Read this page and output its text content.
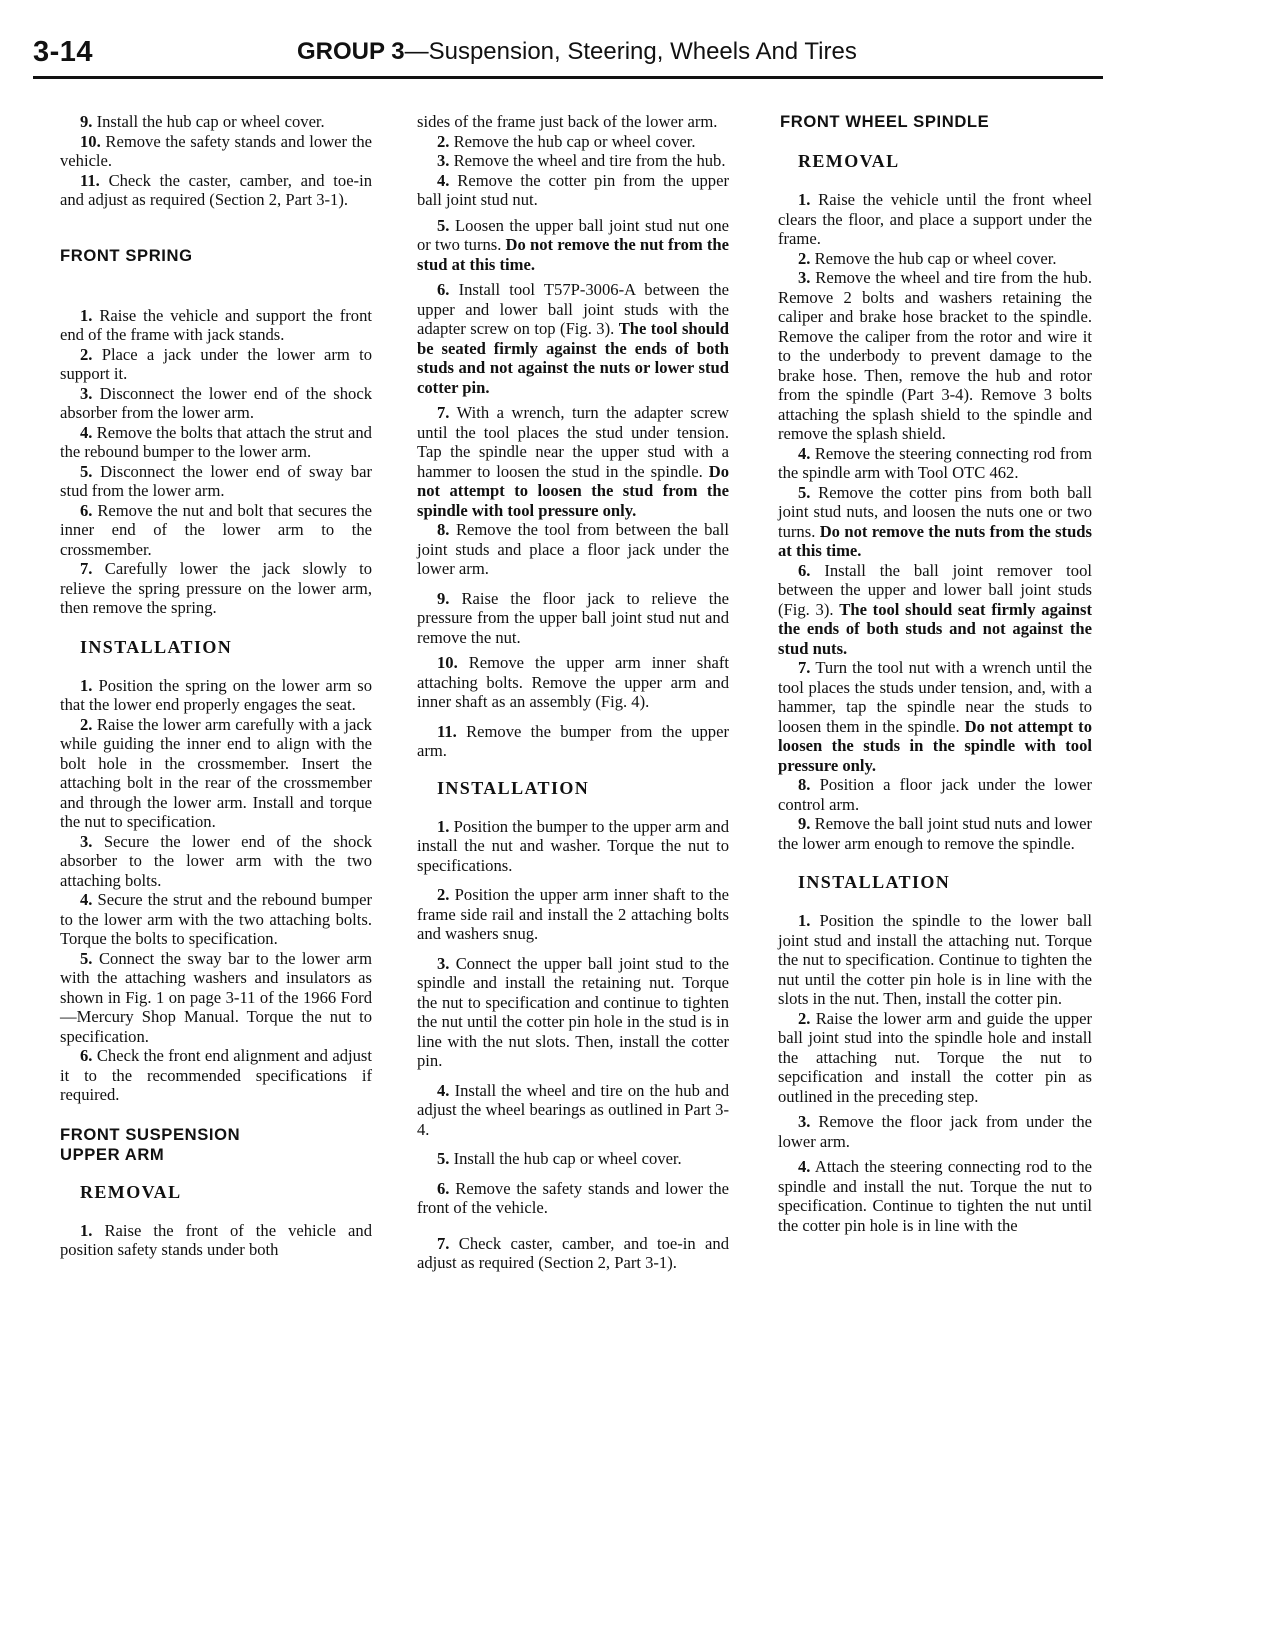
3-14	GROUP 3—Suspension, Steering, Wheels And Tires

9. Install the hub cap or wheel cover.

10. Remove the safety stands and lower the vehicle.

11. Check the caster, camber, and toe-in and adjust as required (Section 2, Part 3-1).

FRONT SPRING

1. Raise the vehicle and support the front end of the frame with jack stands.

2. Place a jack under the lower arm to support it.

3. Disconnect the lower end of the shock absorber from the lower arm.

4. Remove the bolts that attach the strut and the rebound bumper to the lower arm.

5. Disconnect the lower end of sway bar stud from the lower arm.

6. Remove the nut and bolt that secures the inner end of the lower arm to the crossmember.

7. Carefully lower the jack slowly to relieve the spring pressure on the lower arm, then remove the spring.

INSTALLATION

1. Position the spring on the lower arm so that the lower end properly engages the seat.

2. Raise the lower arm carefully with a jack while guiding the inner end to align with the bolt hole in the crossmember. Insert the attaching bolt in the rear of the crossmember and through the lower arm. Install and torque the nut to specification.

3. Secure the lower end of the shock absorber to the lower arm with the two attaching bolts.

4. Secure the strut and the rebound bumper to the lower arm with the two attaching bolts. Torque the bolts to specification.

5. Connect the sway bar to the lower arm with the attaching washers and insulators as shown in Fig. 1 on page 3-11 of the 1966 Ford—Mercury Shop Manual. Torque the nut to specification.

6. Check the front end alignment and adjust it to the recommended specifications if required.

FRONT SUSPENSION
UPPER ARM
REMOVAL

1. Raise the front of the vehicle and position safety stands under both

sides of the frame just back of the lower arm.

2. Remove the hub cap or wheel cover.

3. Remove the wheel and tire from the hub.

4. Remove the cotter pin from the upper ball joint stud nut.

5. Loosen the upper ball joint stud nut one or two turns. Do not remove the nut from the stud at this time.

6. Install tool T57P-3006-A between the upper and lower ball joint studs with the adapter screw on top (Fig. 3). The tool should be seated firmly against the ends of both studs and not against the nuts or lower stud cotter pin.

7. With a wrench, turn the adapter screw until the tool places the stud under tension. Tap the spindle near the upper stud with a hammer to loosen the stud in the spindle. Do not attempt to loosen the stud from the spindle with tool pressure only.

8. Remove the tool from between the ball joint studs and place a floor jack under the lower arm.

9. Raise the floor jack to relieve the pressure from the upper ball joint stud nut and remove the nut.

10. Remove the upper arm inner shaft attaching bolts. Remove the upper arm and inner shaft as an assembly (Fig. 4).

11. Remove the bumper from the upper arm.

INSTALLATION

1. Position the bumper to the upper arm and install the nut and washer. Torque the nut to specifications.

2. Position the upper arm inner shaft to the frame side rail and install the 2 attaching bolts and washers snug.

3. Connect the upper ball joint stud to the spindle and install the retaining nut. Torque the nut to specification and continue to tighten the nut until the cotter pin hole in the stud is in line with the nut slots. Then, install the cotter pin.

4. Install the wheel and tire on the hub and adjust the wheel bearings as outlined in Part 3-4.

5. Install the hub cap or wheel cover.

6. Remove the safety stands and lower the front of the vehicle.

7. Check caster, camber, and toe-in and adjust as required (Section 2, Part 3-1).

FRONT WHEEL SPINDLE
REMOVAL

1. Raise the vehicle until the front wheel clears the floor, and place a support under the frame.

2. Remove the hub cap or wheel cover.

3. Remove the wheel and tire from the hub. Remove 2 bolts and washers retaining the caliper and brake hose bracket to the spindle. Remove the caliper from the rotor and wire it to the underbody to prevent damage to the brake hose. Then, remove the hub and rotor from the spindle (Part 3-4). Remove 3 bolts attaching the splash shield to the spindle and remove the splash shield.

4. Remove the steering connecting rod from the spindle arm with Tool OTC 462.

5. Remove the cotter pins from both ball joint stud nuts, and loosen the nuts one or two turns. Do not remove the nuts from the studs at this time.

6. Install the ball joint remover tool between the upper and lower ball joint studs (Fig. 3). The tool should seat firmly against the ends of both studs and not against the stud nuts.

7. Turn the tool nut with a wrench until the tool places the studs under tension, and, with a hammer, tap the spindle near the studs to loosen them in the spindle. Do not attempt to loosen the studs in the spindle with tool pressure only.

8. Position a floor jack under the lower control arm.

9. Remove the ball joint stud nuts and lower the lower arm enough to remove the spindle.

INSTALLATION

1. Position the spindle to the lower ball joint stud and install the attaching nut. Torque the nut to specification. Continue to tighten the nut until the cotter pin hole is in line with the slots in the nut. Then, install the cotter pin.

2. Raise the lower arm and guide the upper ball joint stud into the spindle hole and install the attaching nut. Torque the nut to sepcification and install the cotter pin as outlined in the preceding step.

3. Remove the floor jack from under the lower arm.

4. Attach the steering connecting rod to the spindle and install the nut. Torque the nut to specification. Continue to tighten the nut until the cotter pin hole is in line with the
